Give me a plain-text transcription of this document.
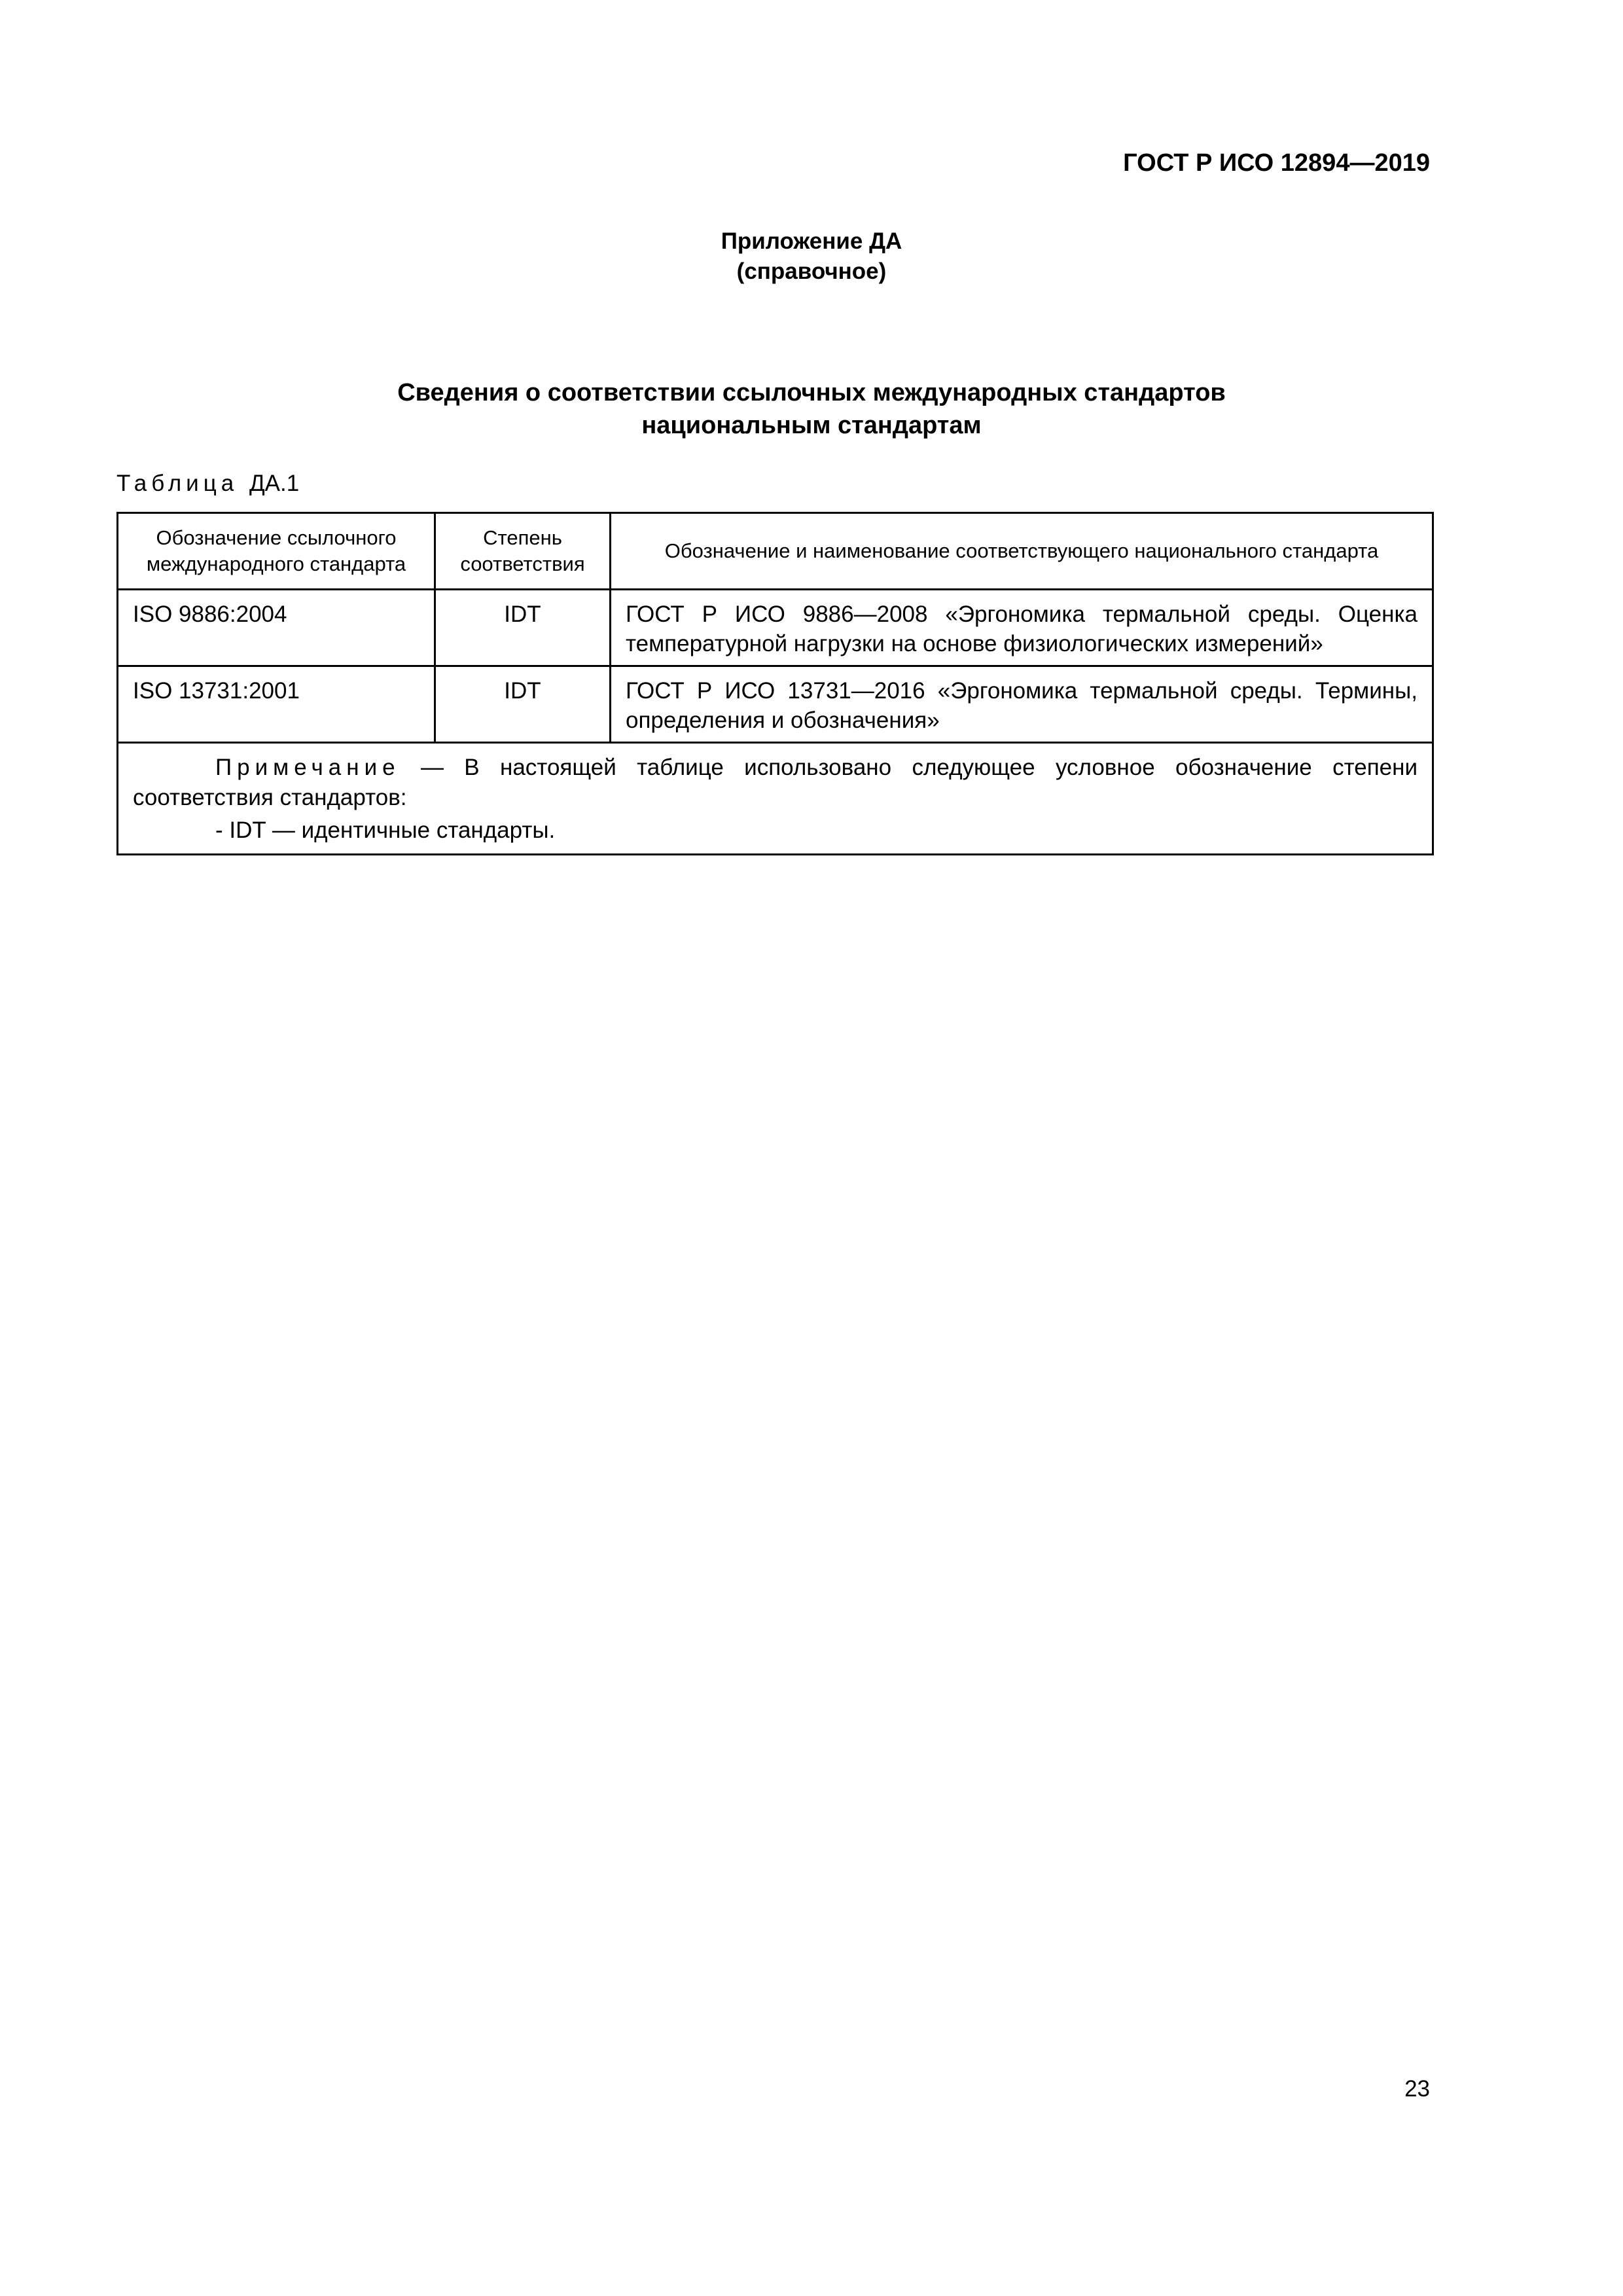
ГОСТ Р ИСО 12894—2019
Приложение ДА
(справочное)
Сведения о соответствии ссылочных международных стандартов
национальным стандартам
Таблица ДА.1
Обозначение ссылочного международного стандарта	Степень соответствия	Обозначение и наименование соответствующего национального стандарта
ISO 9886:2004	IDT	ГОСТ Р ИСО 9886—2008 «Эргономика термальной среды. Оценка температурной нагрузки на основе физиологических измерений»
ISO 13731:2001	IDT	ГОСТ Р ИСО 13731—2016 «Эргономика термальной среды. Термины, определения и обозначения»

Примечание — В настоящей таблице использовано следующее условное обозначение степени соответствия стандартов:
- IDT — идентичные стандарты.		
23
